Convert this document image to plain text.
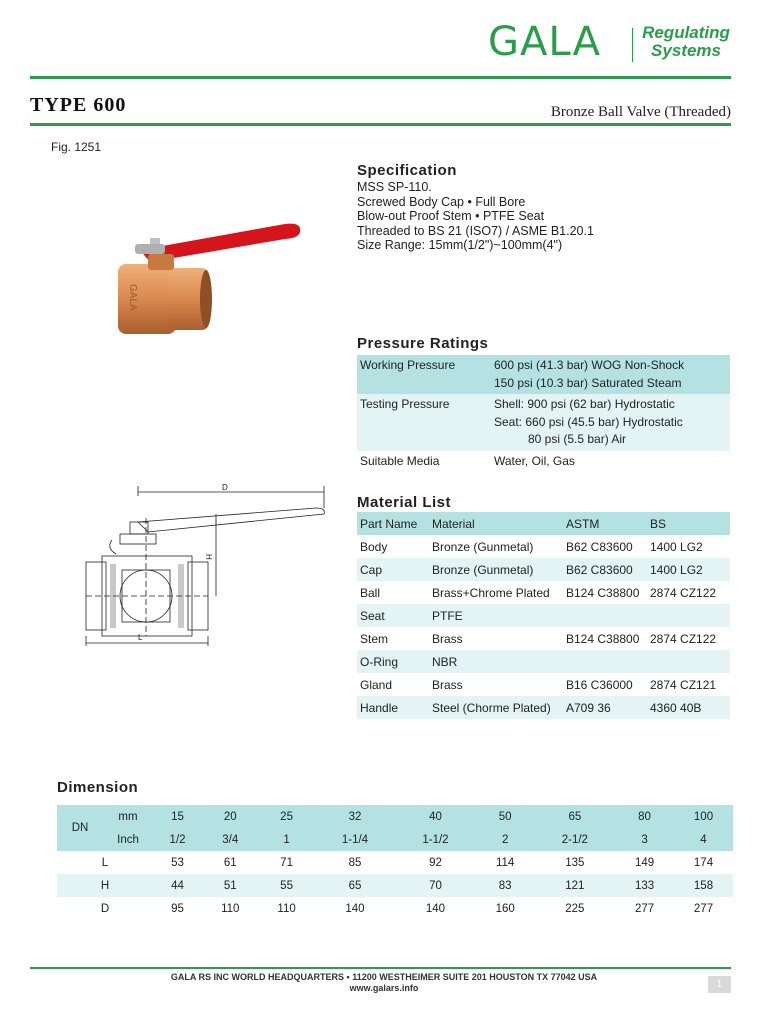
GALA	Regulating
Systems
TYPE 600	Bronze Ball Valve (Threaded)
Fig. 1251
GALA
D
H
L
Specification
MSS SP-110.
Screwed Body Cap • Full Bore
Blow-out Proof Stem • PTFE Seat
Threaded to BS 21 (ISO7) / ASME B1.20.1
Size Range: 15mm(1/2")~100mm(4")
Pressure Ratings
Working Pressure	600 psi (41.3 bar) WOG Non-Shock
150 psi (10.3 bar) Saturated Steam

Testing Pressure	Shell: 900 psi (62 bar) Hydrostatic
Seat: 660 psi (45.5 bar) Hydrostatic
80 psi (5.5 bar) Air

Suitable Media	Water, Oil, Gas
Material List
Part Name	Material	ASTM	BS
Body	Bronze (Gunmetal)	B62 C83600	1400 LG2
Cap	Bronze (Gunmetal)	B62 C83600	1400 LG2
Ball	Brass+Chrome Plated	B124 C38800	2874 CZ122
Seat	PTFE		
Stem	Brass	B124 C38800	2874 CZ122
O-Ring	NBR		
Gland	Brass	B16 C36000	2874 CZ121
Handle	Steel (Chorme Plated)	A709 36	4360 40B
Dimension
DN	mm	15	20	25	32	40	50	65	80	100
	Inch	1/2	3/4	1	1-1/4	1-1/2	2	2-1/2	3	4
L		53	61	71	85	92	114	135	149	174
H		44	51	55	65	70	83	121	133	158
D		95	110	110	140	140	160	225	277	277
GALA RS INC WORLD HEADQUARTERS • 11200 WESTHEIMER SUITE 201 HOUSTON TX 77042 USA
www.galars.info	1
